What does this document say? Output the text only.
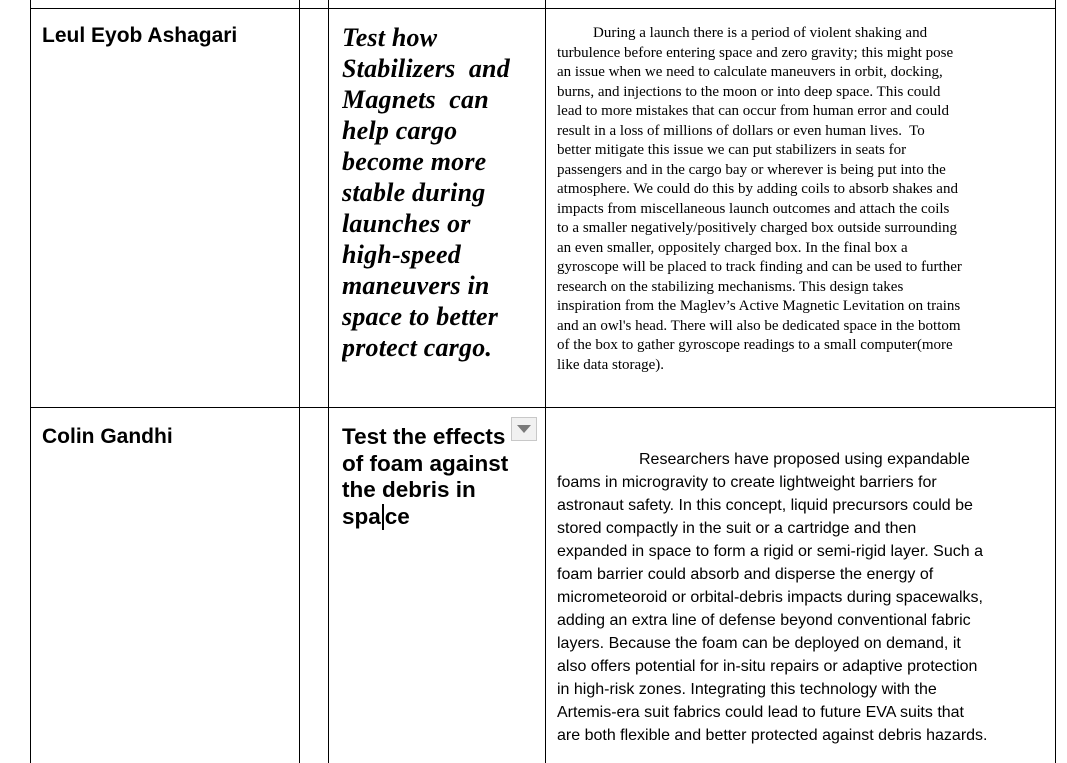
Leul Eyob Ashagari	Test how
Stabilizers  and
Magnets  can
help cargo
become more
stable during
launches or
high-speed
maneuvers in
space to better
protect cargo.
During a launch there is a period of violent shaking and
turbulence before entering space and zero gravity; this might pose
an issue when we need to calculate maneuvers in orbit, docking,
burns, and injections to the moon or into deep space. This could
lead to more mistakes that can occur from human error and could
result in a loss of millions of dollars or even human lives.  To
better mitigate this issue we can put stabilizers in seats for
passengers and in the cargo bay or wherever is being put into the
atmosphere. We could do this by adding coils to absorb shakes and
impacts from miscellaneous launch outcomes and attach the coils
to a smaller negatively/positively charged box outside surrounding
an even smaller, oppositely charged box. In the final box a
gyroscope will be placed to track finding and can be used to further
research on the stabilizing mechanisms. This design takes
inspiration from the Maglev’s Active Magnetic Levitation on trains
and an owl's head. There will also be dedicated space in the bottom
of the box to gather gyroscope readings to a small computer(more
like data storage).
Colin Gandhi	Test the effects
of foam against
the debris in
spa ce
Researchers have proposed using expandable
foams in microgravity to create lightweight barriers for
astronaut safety. In this concept, liquid precursors could be
stored compactly in the suit or a cartridge and then
expanded in space to form a rigid or semi-rigid layer. Such a
foam barrier could absorb and disperse the energy of
micrometeoroid or orbital-debris impacts during spacewalks,
adding an extra line of defense beyond conventional fabric
layers. Because the foam can be deployed on demand, it
also offers potential for in-situ repairs or adaptive protection
in high-risk zones. Integrating this technology with the
Artemis-era suit fabrics could lead to future EVA suits that
are both flexible and better protected against debris hazards.
